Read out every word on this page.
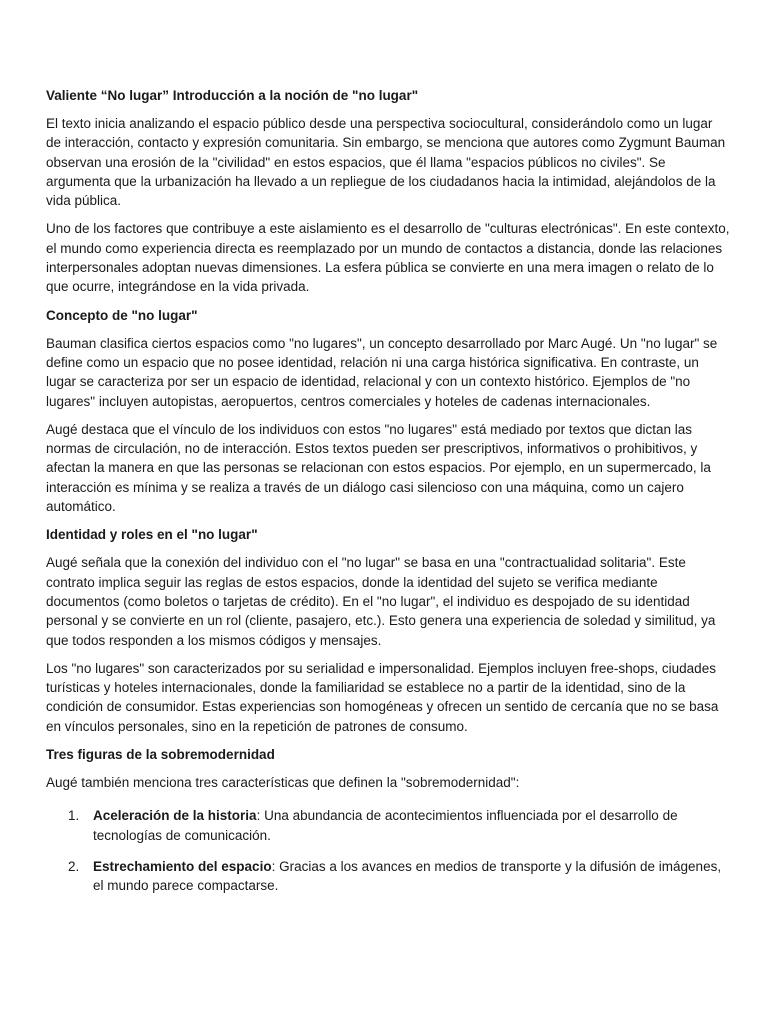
Valiente “No lugar” Introducción a la noción de "no lugar"

El texto inicia analizando el espacio público desde una perspectiva sociocultural, considerándolo como un lugar de interacción, contacto y expresión comunitaria. Sin embargo, se menciona que autores como Zygmunt Bauman observan una erosión de la "civilidad" en estos espacios, que él llama "espacios públicos no civiles". Se argumenta que la urbanización ha llevado a un repliegue de los ciudadanos hacia la intimidad, alejándolos de la vida pública.

Uno de los factores que contribuye a este aislamiento es el desarrollo de "culturas electrónicas". En este contexto, el mundo como experiencia directa es reemplazado por un mundo de contactos a distancia, donde las relaciones interpersonales adoptan nuevas dimensiones. La esfera pública se convierte en una mera imagen o relato de lo que ocurre, integrándose en la vida privada.

Concepto de "no lugar"

Bauman clasifica ciertos espacios como "no lugares", un concepto desarrollado por Marc Augé. Un "no lugar" se define como un espacio que no posee identidad, relación ni una carga histórica significativa. En contraste, un lugar se caracteriza por ser un espacio de identidad, relacional y con un contexto histórico. Ejemplos de "no lugares" incluyen autopistas, aeropuertos, centros comerciales y hoteles de cadenas internacionales.

Augé destaca que el vínculo de los individuos con estos "no lugares" está mediado por textos que dictan las normas de circulación, no de interacción. Estos textos pueden ser prescriptivos, informativos o prohibitivos, y afectan la manera en que las personas se relacionan con estos espacios. Por ejemplo, en un supermercado, la interacción es mínima y se realiza a través de un diálogo casi silencioso con una máquina, como un cajero automático.

Identidad y roles en el "no lugar"

Augé señala que la conexión del individuo con el "no lugar" se basa en una "contractualidad solitaria". Este contrato implica seguir las reglas de estos espacios, donde la identidad del sujeto se verifica mediante documentos (como boletos o tarjetas de crédito). En el "no lugar", el individuo es despojado de su identidad personal y se convierte en un rol (cliente, pasajero, etc.). Esto genera una experiencia de soledad y similitud, ya que todos responden a los mismos códigos y mensajes.

Los "no lugares" son caracterizados por su serialidad e impersonalidad. Ejemplos incluyen free-shops, ciudades turísticas y hoteles internacionales, donde la familiaridad se establece no a partir de la identidad, sino de la condición de consumidor. Estas experiencias son homogéneas y ofrecen un sentido de cercanía que no se basa en vínculos personales, sino en la repetición de patrones de consumo.

Tres figuras de la sobremodernidad

Augé también menciona tres características que definen la "sobremodernidad":

1. Aceleración de la historia: Una abundancia de acontecimientos influenciada por el desarrollo de tecnologías de comunicación.
2. Estrechamiento del espacio: Gracias a los avances en medios de transporte y la difusión de imágenes, el mundo parece compactarse.
